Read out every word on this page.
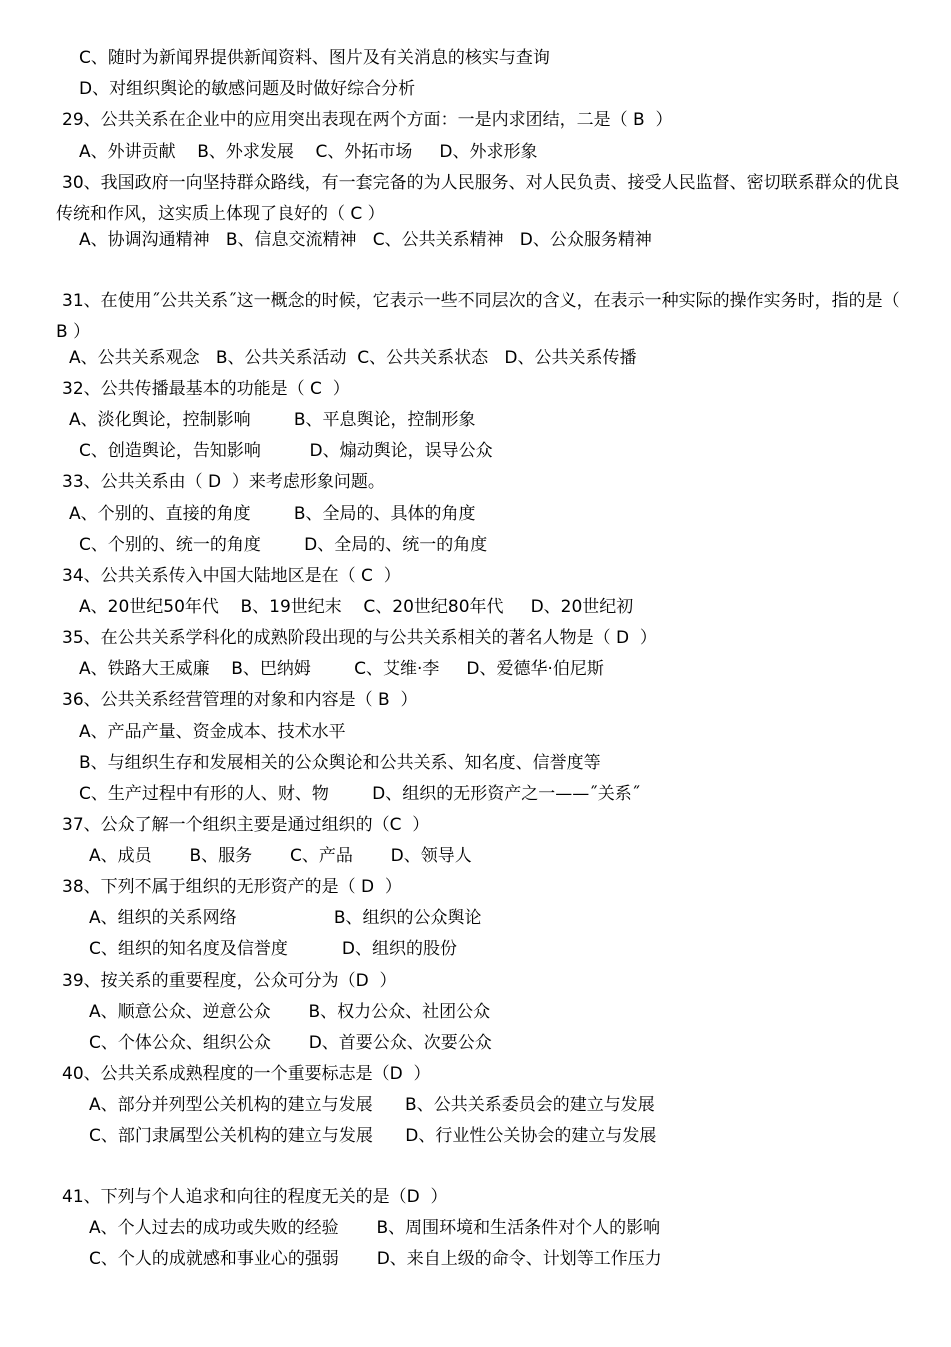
C、随时为新闻界提供新闻资料、图片及有关消息的核实与查询
D、对组织舆论的敏感问题及时做好综合分析
29、公共关系在企业中的应用突出表现在两个方面：一是内求团结，二是（ B  ）
A、外讲贡献    B、外求发展    C、外拓市场     D、外求形象
30、我国政府一向坚持群众路线，有一套完备的为人民服务、对人民负责、接受人民监督、密切联系群众的优良传统和作风，这实质上体现了良好的（ C ）
A、协调沟通精神   B、信息交流精神   C、公共关系精神   D、公众服务精神
31、在使用˝公共关系˝这一概念的时候，它表示一些不同层次的含义，在表示一种实际的操作实务时，指的是（ B ）
A、公共关系观念   B、公共关系活动  C、公共关系状态   D、公共关系传播
32、公共传播最基本的功能是（ C  ）
A、淡化舆论，控制影响        B、平息舆论，控制形象
C、创造舆论，告知影响         D、煽动舆论，误导公众
33、公共关系由（ D  ）来考虑形象问题。
A、个别的、直接的角度        B、全局的、具体的角度
C、个别的、统一的角度        D、全局的、统一的角度
34、公共关系传入中国大陆地区是在（ C  ）
A、20世纪50年代    B、19世纪末    C、20世纪80年代     D、20世纪初
35、在公共关系学科化的成熟阶段出现的与公共关系相关的著名人物是（ D  ）
A、铁路大王威廉    B、巴纳姆        C、艾维·李     D、爱德华·伯尼斯
36、公共关系经营管理的对象和内容是（ B  ）
A、产品产量、资金成本、技术水平
B、与组织生存和发展相关的公众舆论和公共关系、知名度、信誉度等
C、生产过程中有形的人、财、物        D、组织的无形资产之一——˝关系˝
37、公众了解一个组织主要是通过组织的（C  ）
A、成员       B、服务       C、产品       D、领导人
38、下列不属于组织的无形资产的是（ D  ）
A、组织的关系网络                  B、组织的公众舆论
C、组织的知名度及信誉度          D、组织的股份
39、按关系的重要程度，公众可分为（D  ）
A、顺意公众、逆意公众       B、权力公众、社团公众
C、个体公众、组织公众       D、首要公众、次要公众
40、公共关系成熟程度的一个重要标志是（D  ）
A、部分并列型公关机构的建立与发展      B、公共关系委员会的建立与发展
C、部门隶属型公关机构的建立与发展      D、行业性公关协会的建立与发展
41、下列与个人追求和向往的程度无关的是（D  ）
A、个人过去的成功或失败的经验       B、周围环境和生活条件对个人的影响
C、个人的成就感和事业心的强弱       D、来自上级的命令、计划等工作压力
